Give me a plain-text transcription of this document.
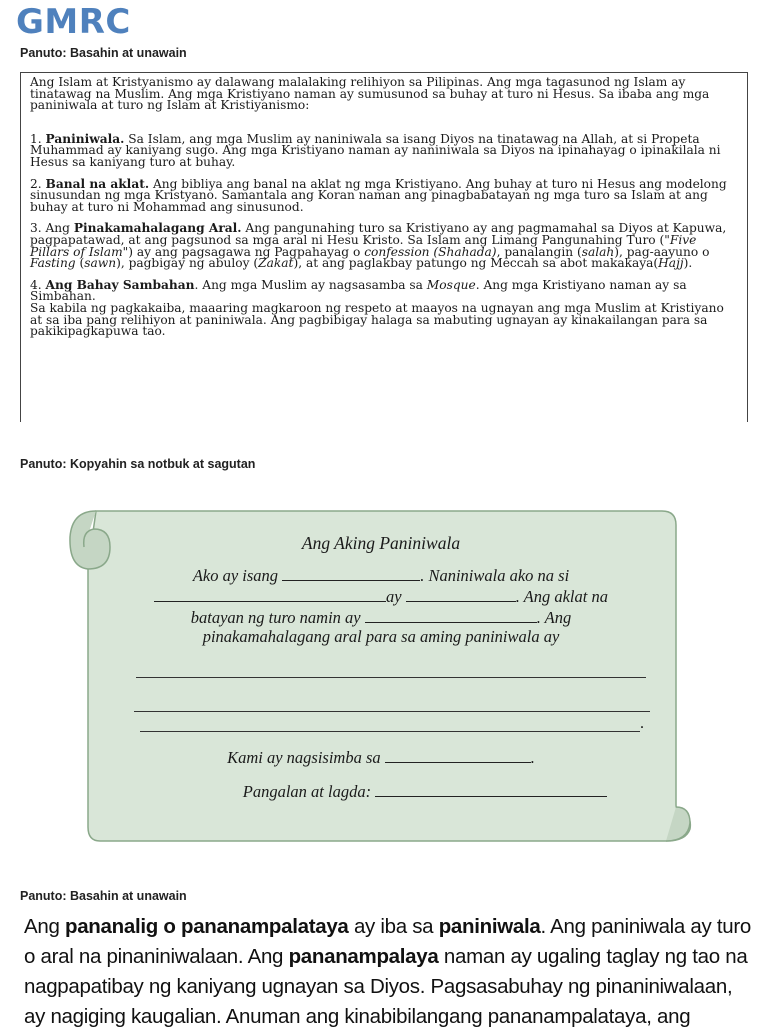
GMRC

Panuto: Basahin at unawain

Ang Islam at Kristyanismo ay dalawang malalaking relihiyon sa Pilipinas. Ang mga tagasunod ng Islam ay tinatawag na Muslim. Ang mga Kristiyano naman ay sumusunod sa buhay at turo ni Hesus. Sa ibaba ang mga paniniwala at turo ng Islam at Kristiyanismo:

1. Paniniwala. Sa Islam, ang mga Muslim ay naniniwala sa isang Diyos na tinatawag na Allah, at si Propeta Muhammad ay kaniyang sugo. Ang mga Kristiyano naman ay naniniwala sa Diyos na ipinahayag o ipinakilala ni Hesus sa kaniyang turo at buhay.

2. Banal na aklat. Ang bibliya ang banal na aklat ng mga Kristiyano. Ang buhay at turo ni Hesus ang modelong sinusundan ng mga Kristyano. Samantala ang Koran naman ang pinagbabatayan ng mga turo sa Islam at ang buhay at turo ni Mohammad ang sinusunod.

3. Ang Pinakamahalagang Aral. Ang pangunahing turo sa Kristiyano ay ang pagmamahal sa Diyos at Kapuwa, pagpapatawad, at ang pagsunod sa mga aral ni Hesu Kristo. Sa Islam ang Limang Pangunahing Turo ("Five Pillars of Islam") ay ang pagsagawa ng Pagpahayag o confession (Shahada), panalangin (salah), pag-aayuno o Fasting (sawn), pagbigay ng abuloy (Zakat), at ang paglakbay patungo ng Meccah sa abot makakaya(Hajj).

4. Ang Bahay Sambahan. Ang mga Muslim ay nagsasamba sa Mosque. Ang mga Kristiyano naman ay sa Simbahan.
Sa kabila ng pagkakaiba, maaaring magkaroon ng respeto at maayos na ugnayan ang mga Muslim at Kristiyano at sa iba pang relihiyon at paniniwala. Ang pagbibigay halaga sa mabuting ugnayan ay kinakailangan para sa pakikipagkapuwa tao.

Panuto: Kopyahin sa notbuk at sagutan

Ang Aking Paniniwala

Ako ay isang	. Naniniwala ako na si

ay	. Ang aklat na

batayan ng turo namin ay	. Ang

pinakamahalagang aral para sa aming paniniwala ay

.

Kami ay nagsisimba sa	.

Pangalan at lagda:

Panuto: Basahin at unawain

Ang pananalig o pananampalataya ay iba sa paniniwala. Ang paniniwala ay turo o aral na pinaniniwalaan. Ang pananampalaya naman ay ugaling taglay ng tao na nagpapatibay ng kaniyang ugnayan sa Diyos. Pagsasabuhay ng pinaniniwalaan, ay nagiging kaugalian. Anuman ang kinabibilangang pananampalataya, ang
